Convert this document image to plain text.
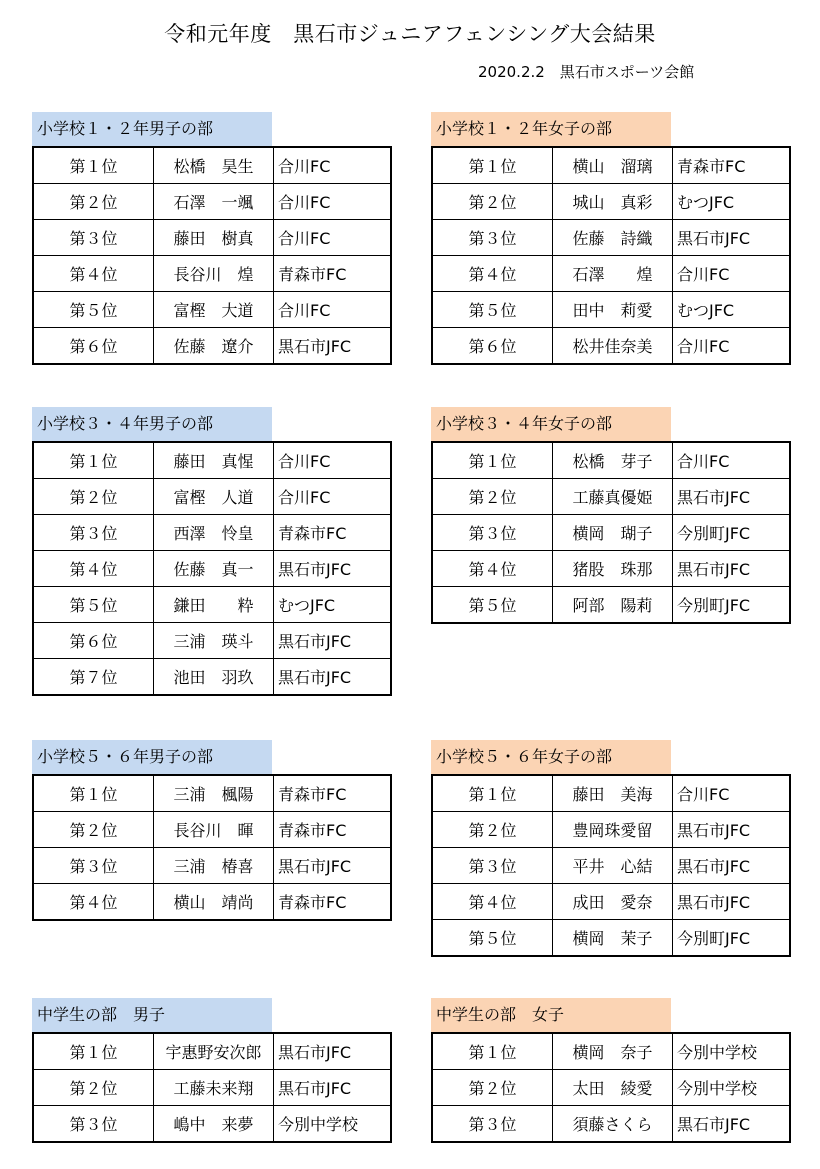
令和元年度　黒石市ジュニアフェンシング大会結果
2020.2.2　黒石市スポーツ会館
小学校１・２年男子の部
第１位	松橋　昊生	合川FC
第２位	石澤　一颯	合川FC
第３位	藤田　樹真	合川FC
第４位	長谷川　煌	青森市FC
第５位	富樫　大道	合川FC
第６位	佐藤　遼介	黒石市JFC
小学校１・２年女子の部
第１位	横山　溜璃	青森市FC
第２位	城山　真彩	むつJFC
第３位	佐藤　詩織	黒石市JFC
第４位	石澤　　煌	合川FC
第５位	田中　莉愛	むつJFC
第６位	松井佳奈美	合川FC
小学校３・４年男子の部
第１位	藤田　真惺	合川FC
第２位	富樫　人道	合川FC
第３位	西澤　怜皇	青森市FC
第４位	佐藤　真一	黒石市JFC
第５位	鎌田　　粋	むつJFC
第６位	三浦　瑛斗	黒石市JFC
第７位	池田　羽玖	黒石市JFC
小学校３・４年女子の部
第１位	松橋　芽子	合川FC
第２位	工藤真優姫	黒石市JFC
第３位	横岡　瑚子	今別町JFC
第４位	猪股　珠那	黒石市JFC
第５位	阿部　陽莉	今別町JFC
小学校５・６年男子の部
第１位	三浦　楓陽	青森市FC
第２位	長谷川　暉	青森市FC
第３位	三浦　椿喜	黒石市JFC
第４位	横山　靖尚	青森市FC
小学校５・６年女子の部
第１位	藤田　美海	合川FC
第２位	豊岡珠愛留	黒石市JFC
第３位	平井　心結	黒石市JFC
第４位	成田　愛奈	黒石市JFC
第５位	横岡　茉子	今別町JFC
中学生の部　男子
第１位	宇惠野安次郎	黒石市JFC
第２位	工藤未来翔	黒石市JFC
第３位	嶋中　来夢	今別中学校
中学生の部　女子
第１位	横岡　奈子	今別中学校
第２位	太田　綾愛	今別中学校
第３位	須藤さくら	黒石市JFC
